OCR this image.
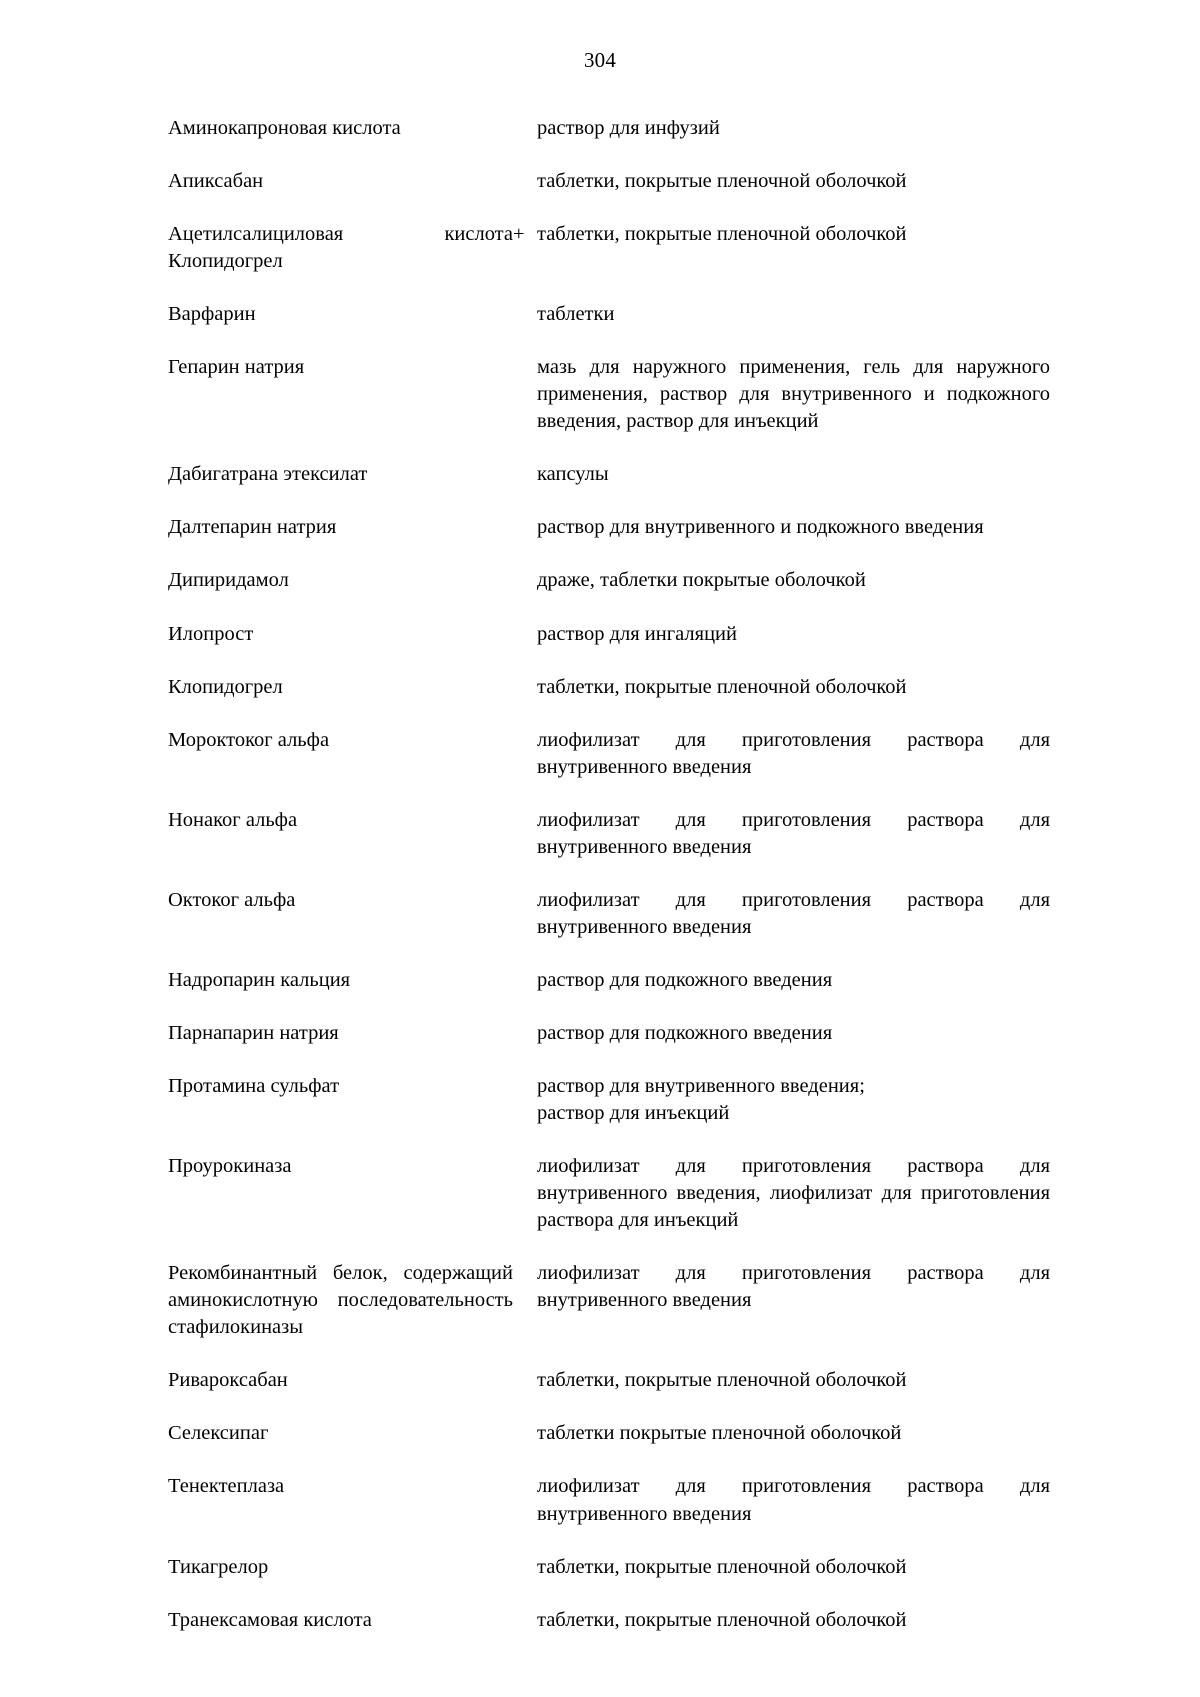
304
Аминокапроновая кислота		раствор для инфузий
Апиксабан		таблетки, покрытые пленочной оболочкой
Ацетилсалициловая кислота Клопидогрел	+	таблетки, покрытые пленочной оболочкой
Варфарин		таблетки
Гепарин натрия		мазь для наружного применения, гель для наружного применения, раствор для внутривенного и подкожного введения, раствор для инъекций
Дабигатрана этексилат		капсулы
Далтепарин натрия		раствор для внутривенного и подкожного введения
Дипиридамол		драже, таблетки покрытые оболочкой
Илопрост		раствор для ингаляций
Клопидогрел		таблетки, покрытые пленочной оболочкой
Мороктоког альфа		лиофилизат для приготовления раствора для внутривенного введения
Нонаког альфа		лиофилизат для приготовления раствора для внутривенного введения
Октоког альфа		лиофилизат для приготовления раствора для внутривенного введения
Надропарин кальция		раствор для подкожного введения
Парнапарин натрия		раствор для подкожного введения
Протамина сульфат		раствор для внутривенного введения;
раствор для инъекций

Проурокиназа		лиофилизат для приготовления раствора для внутривенного введения, лиофилизат для приготовления раствора для инъекций
Рекомбинантный белок, содержащий аминокислотную последовательность стафилокиназы		лиофилизат для приготовления раствора для внутривенного введения
Ривароксабан		таблетки, покрытые пленочной оболочкой
Селексипаг		таблетки покрытые пленочной оболочкой
Тенектеплаза		лиофилизат для приготовления раствора для внутривенного введения
Тикагрелор		таблетки, покрытые пленочной оболочкой
Транексамовая кислота		таблетки, покрытые пленочной оболочкой
